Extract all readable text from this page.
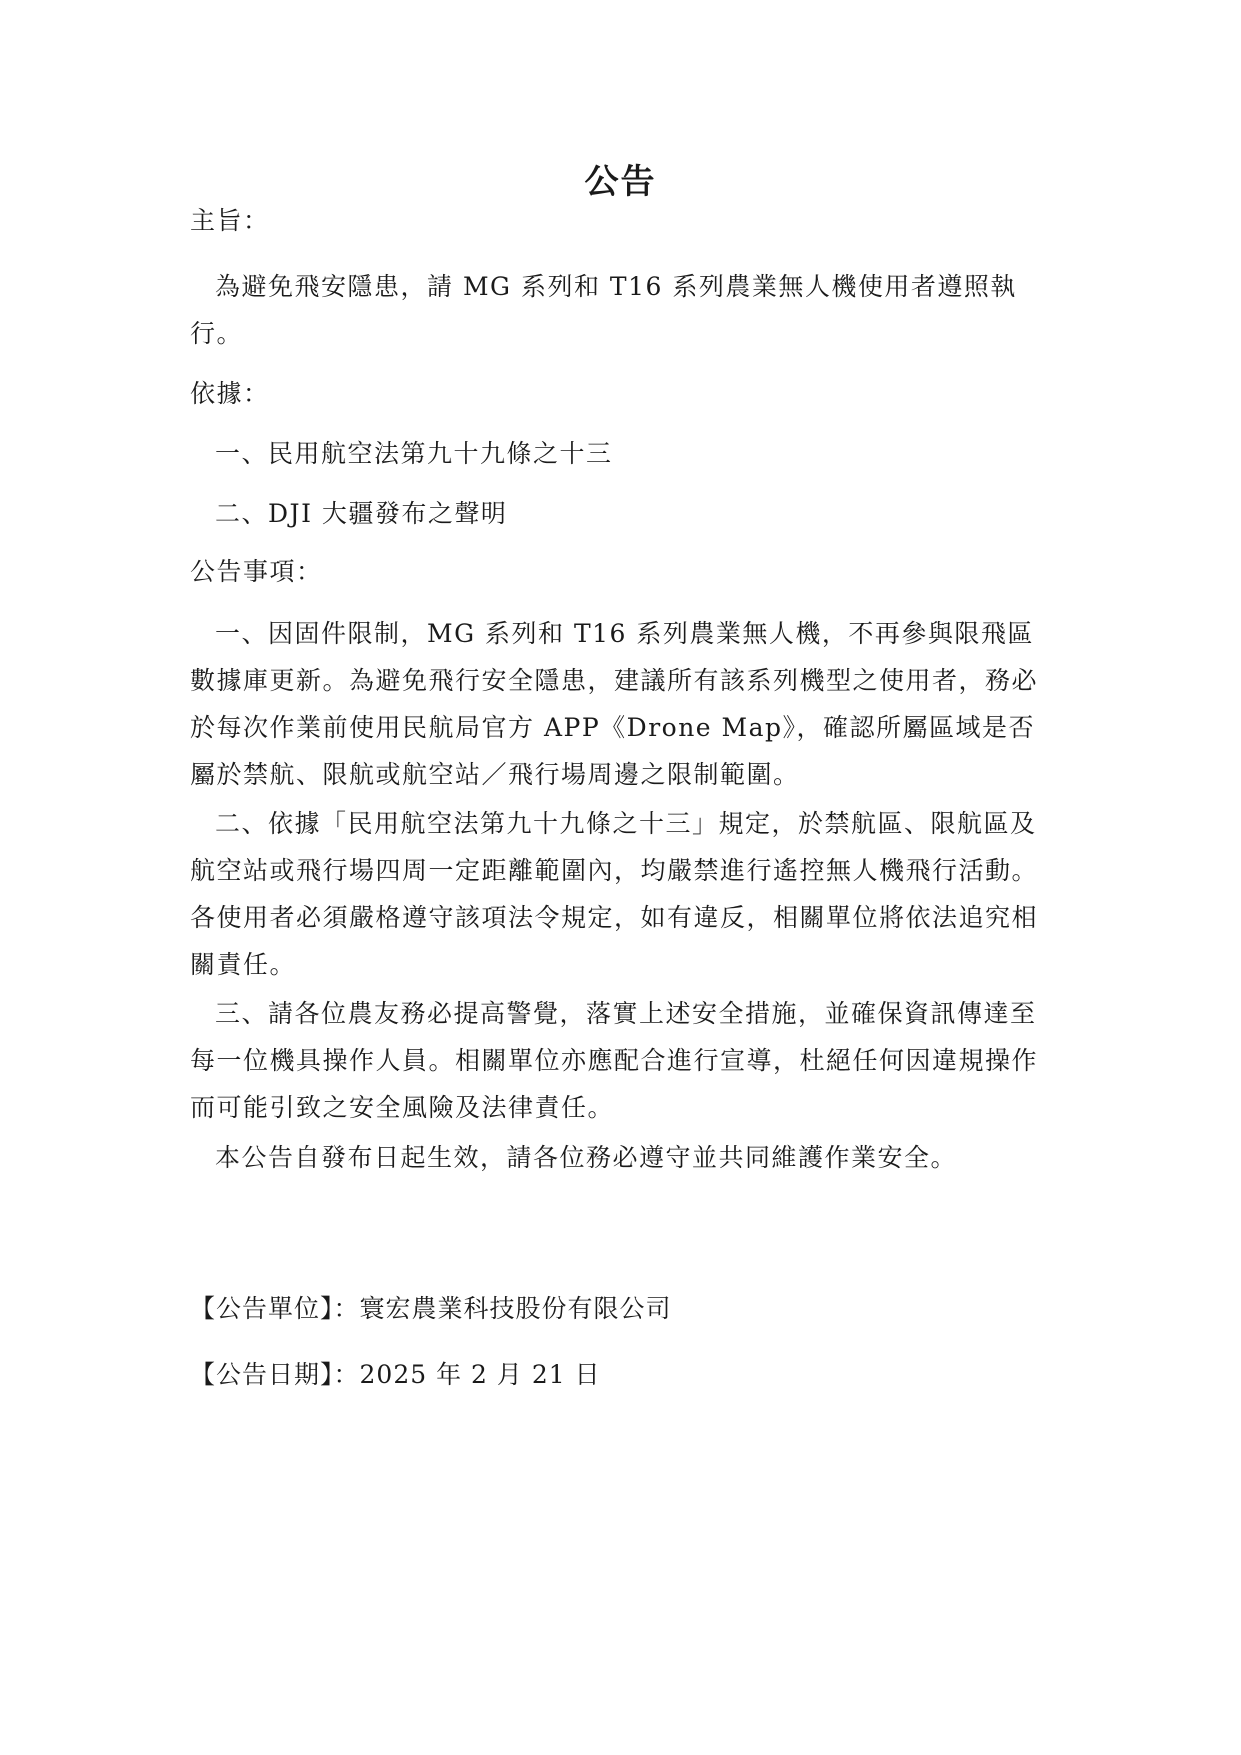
公告
主旨：

為避免飛安隱患，請 MG 系列和 T16 系列農業無人機使用者遵照執行。

依據：

一、民用航空法第九十九條之十三

二、DJI 大疆發布之聲明

公告事項：

一、因固件限制，MG 系列和 T16 系列農業無人機，不再參與限飛區數據庫更新。為避免飛行安全隱患，建議所有該系列機型之使用者，務必於每次作業前使用民航局官方 APP《Drone Map》，確認所屬區域是否屬於禁航、限航或航空站／飛行場周邊之限制範圍。

二、依據「民用航空法第九十九條之十三」規定，於禁航區、限航區及航空站或飛行場四周一定距離範圍內，均嚴禁進行遙控無人機飛行活動。各使用者必須嚴格遵守該項法令規定，如有違反，相關單位將依法追究相關責任。

三、請各位農友務必提高警覺，落實上述安全措施，並確保資訊傳達至每一位機具操作人員。相關單位亦應配合進行宣導，杜絕任何因違規操作而可能引致之安全風險及法律責任。

本公告自發布日起生效，請各位務必遵守並共同維護作業安全。

【公告單位】：寰宏農業科技股份有限公司
【公告日期】：2025 年 2 月 21 日
